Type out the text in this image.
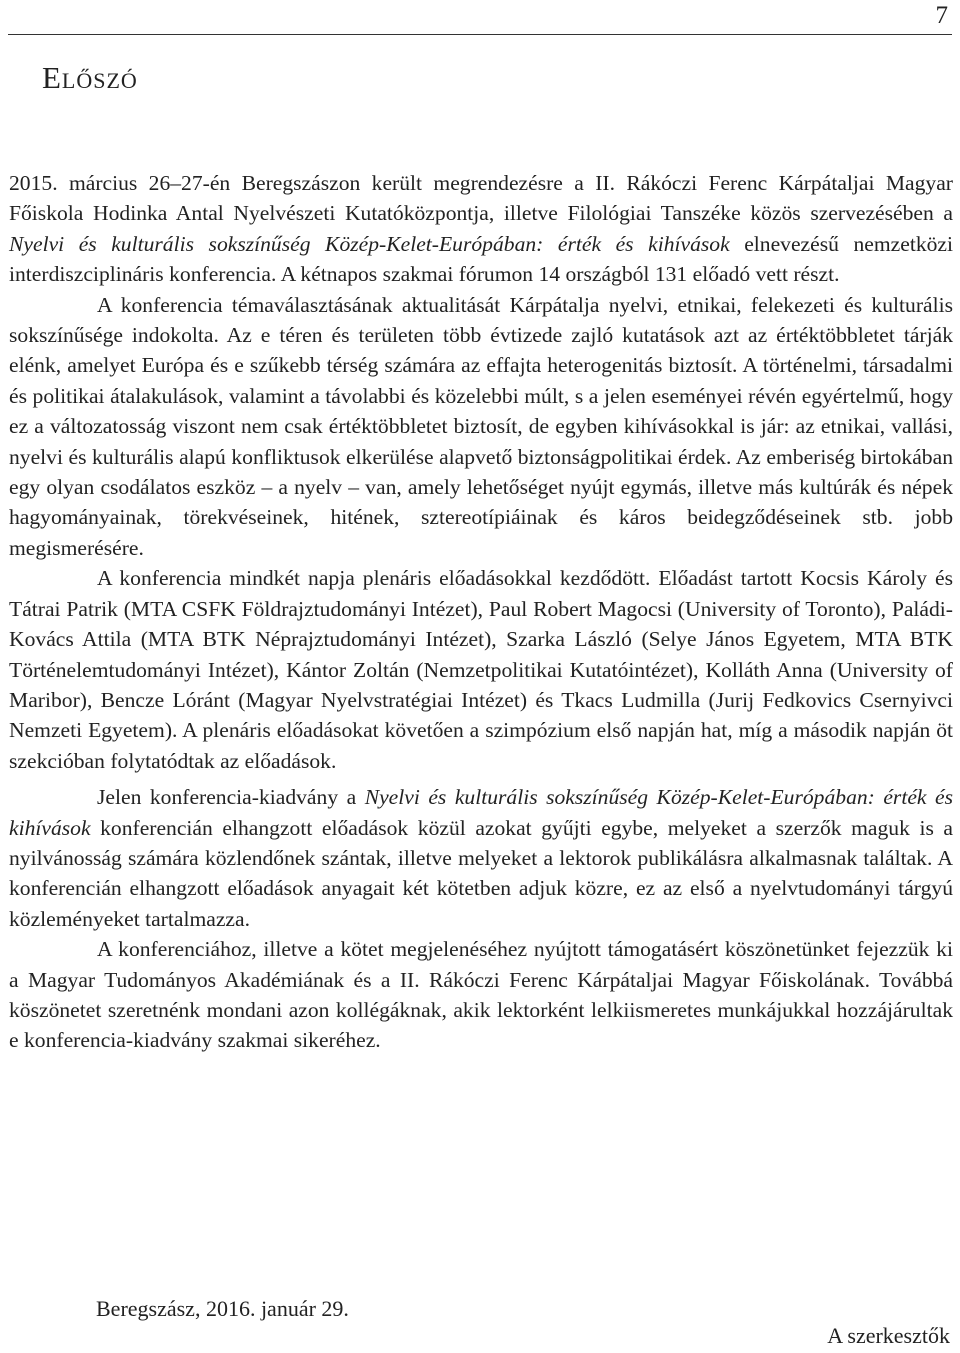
7
Előszó

2015. március 26–27-én Beregszászon került megrendezésre a II. Rákóczi Ferenc Kárpátaljai Magyar Főiskola Hodinka Antal Nyelvészeti Kutatóközpontja, illetve Filológiai Tanszéke közös szervezésében a Nyelvi és kulturális sokszínűség Közép-Kelet-Európában: érték és kihívások elnevezésű nemzetközi interdiszciplináris konferencia. A kétnapos szakmai fórumon 14 országból 131 előadó vett részt.

A konferencia témaválasztásának aktualitását Kárpátalja nyelvi, etnikai, felekezeti és kulturális sokszínűsége indokolta. Az e téren és területen több évtizede zajló kutatások azt az értéktöbbletet tárják elénk, amelyet Európa és e szűkebb térség számára az effajta heterogenitás biztosít. A történelmi, társadalmi és politikai átalakulások, valamint a távolabbi és közelebbi múlt, s a jelen eseményei révén egyértelmű, hogy ez a változatosság viszont nem csak értéktöbbletet biztosít, de egyben kihívásokkal is jár: az etnikai, vallási, nyelvi és kulturális alapú konfliktusok elkerülése alapvető biztonságpolitikai érdek. Az emberiség birtokában egy olyan csodálatos eszköz – a nyelv – van, amely lehetőséget nyújt egymás, illetve más kultúrák és népek hagyományainak, törekvéseinek, hitének, sztereotípiáinak és káros beidegződéseinek stb. jobb megismerésére.

A konferencia mindkét napja plenáris előadásokkal kezdődött. Előadást tartott Kocsis Károly és Tátrai Patrik (MTA CSFK Földrajztudományi Intézet), Paul Robert Magocsi (University of Toronto), Paládi-Kovács Attila (MTA BTK Néprajztudományi Intézet), Szarka László (Selye János Egyetem, MTA BTK Történelemtudományi Intézet), Kántor Zoltán (Nemzetpolitikai Kutatóintézet), Kolláth Anna (University of Maribor), Bencze Lóránt (Magyar Nyelvstratégiai Intézet) és Tkacs Ludmilla (Jurij Fedkovics Csernyivci Nemzeti Egyetem). A plenáris előadásokat követően a szimpózium első napján hat, míg a második napján öt szekcióban folytatódtak az előadások.

Jelen konferencia-kiadvány a Nyelvi és kulturális sokszínűség Közép-Kelet-Európában: érték és kihívások konferencián elhangzott előadások közül azokat gyűjti egybe, melyeket a szerzők maguk is a nyilvánosság számára közlendőnek szántak, illetve melyeket a lektorok publikálásra alkalmasnak találtak. A konferencián elhangzott előadások anyagait két kötetben adjuk közre, ez az első a nyelvtudományi tárgyú közleményeket tartalmazza.

A konferenciához, illetve a kötet megjelenéséhez nyújtott támogatásért köszönetünket fejezzük ki a Magyar Tudományos Akadémiának és a II. Rákóczi Ferenc Kárpátaljai Magyar Főiskolának. Továbbá köszönetet szeretnénk mondani azon kollégáknak, akik lektorként lelkiismeretes munkájukkal hozzájárultak e konferencia-kiadvány szakmai sikeréhez.

Beregszász, 2016. január 29.
A szerkesztők
